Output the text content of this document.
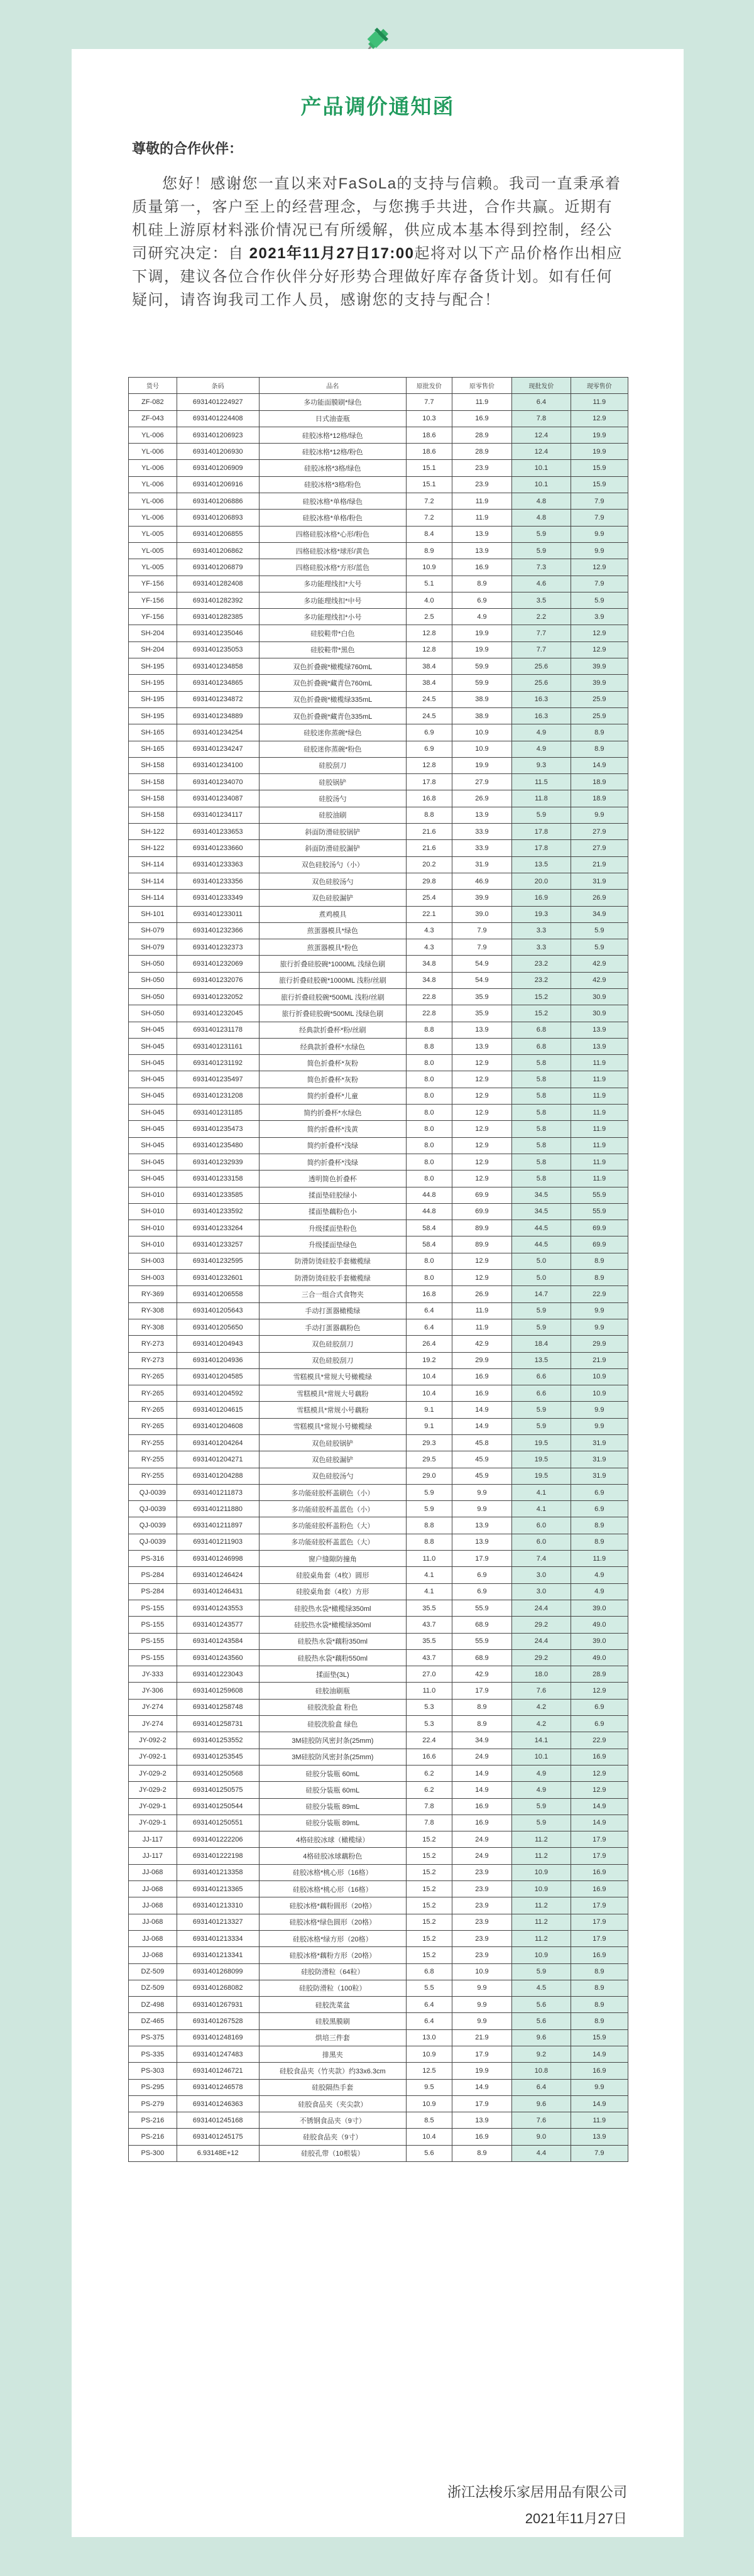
产品调价通知函
尊敬的合作伙伴：
您好！感谢您一直以来对FaSoLa的支持与信赖。我司一直秉承着质量第一，客户至上的经营理念，与您携手共进，合作共赢。近期有机硅上游原材料涨价情况已有所缓解，供应成本基本得到控制，经公司研究决定：自 2021年11月27日17:00起将对以下产品价格作出相应下调，建议各位合作伙伴分好形势合理做好库存备货计划。如有任何疑问，请咨询我司工作人员，感谢您的支持与配合！
货号	条码	品名	原批发价	原零售价	现批发价	现零售价
ZF-082	6931401224927	多功能面膜刷*绿色	7.7	11.9	6.4	11.9
ZF-043	6931401224408	日式油壶瓶	10.3	16.9	7.8	12.9
YL-006	6931401206923	硅胶冰格*12格/绿色	18.6	28.9	12.4	19.9
YL-006	6931401206930	硅胶冰格*12格/粉色	18.6	28.9	12.4	19.9
YL-006	6931401206909	硅胶冰格*3格/绿色	15.1	23.9	10.1	15.9
YL-006	6931401206916	硅胶冰格*3格/粉色	15.1	23.9	10.1	15.9
YL-006	6931401206886	硅胶冰格*单格/绿色	7.2	11.9	4.8	7.9
YL-006	6931401206893	硅胶冰格*单格/粉色	7.2	11.9	4.8	7.9
YL-005	6931401206855	四格硅胶冰格*心形/粉色	8.4	13.9	5.9	9.9
YL-005	6931401206862	四格硅胶冰格*球形/黄色	8.9	13.9	5.9	9.9
YL-005	6931401206879	四格硅胶冰格*方形/蓝色	10.9	16.9	7.3	12.9
YF-156	6931401282408	多功能理线扣*大号	5.1	8.9	4.6	7.9
YF-156	6931401282392	多功能理线扣*中号	4.0	6.9	3.5	5.9
YF-156	6931401282385	多功能理线扣*小号	2.5	4.9	2.2	3.9
SH-204	6931401235046	硅胶鞋带*白色	12.8	19.9	7.7	12.9
SH-204	6931401235053	硅胶鞋带*黑色	12.8	19.9	7.7	12.9
SH-195	6931401234858	双色折叠碗*橄榄绿760mL	38.4	59.9	25.6	39.9
SH-195	6931401234865	双色折叠碗*藏青色760mL	38.4	59.9	25.6	39.9
SH-195	6931401234872	双色折叠碗*橄榄绿335mL	24.5	38.9	16.3	25.9
SH-195	6931401234889	双色折叠碗*藏青色335mL	24.5	38.9	16.3	25.9
SH-165	6931401234254	硅胶迷你蒸碗*绿色	6.9	10.9	4.9	8.9
SH-165	6931401234247	硅胶迷你蒸碗*粉色	6.9	10.9	4.9	8.9
SH-158	6931401234100	硅胶刮刀	12.8	19.9	9.3	14.9
SH-158	6931401234070	硅胶锅铲	17.8	27.9	11.5	18.9
SH-158	6931401234087	硅胶汤勺	16.8	26.9	11.8	18.9
SH-158	6931401234117	硅胶油刷	8.8	13.9	5.9	9.9
SH-122	6931401233653	斜面防滑硅胶锅铲	21.6	33.9	17.8	27.9
SH-122	6931401233660	斜面防滑硅胶漏铲	21.6	33.9	17.8	27.9
SH-114	6931401233363	双色硅胶汤勺（小）	20.2	31.9	13.5	21.9
SH-114	6931401233356	双色硅胶汤勺	29.8	46.9	20.0	31.9
SH-114	6931401233349	双色硅胶漏铲	25.4	39.9	16.9	26.9
SH-101	6931401233011	煮鸡模具	22.1	39.0	19.3	34.9
SH-079	6931401232366	煎蛋器模具*绿色	4.3	7.9	3.3	5.9
SH-079	6931401232373	煎蛋器模具*粉色	4.3	7.9	3.3	5.9
SH-050	6931401232069	旅行折叠硅胶碗*1000ML 浅绿色刷	34.8	54.9	23.2	42.9
SH-050	6931401232076	旅行折叠硅胶碗*1000ML 浅粉/丝刷	34.8	54.9	23.2	42.9
SH-050	6931401232052	旅行折叠硅胶碗*500ML 浅粉/丝刷	22.8	35.9	15.2	30.9
SH-050	6931401232045	旅行折叠硅胶碗*500ML 浅绿色刷	22.8	35.9	15.2	30.9
SH-045	6931401231178	经典款折叠杯*粉/丝刷	8.8	13.9	6.8	13.9
SH-045	6931401231161	经典款折叠杯*水绿色	8.8	13.9	6.8	13.9
SH-045	6931401231192	简色折叠杯*灰粉	8.0	12.9	5.8	11.9
SH-045	6931401235497	简色折叠杯*灰粉	8.0	12.9	5.8	11.9
SH-045	6931401231208	简约折叠杯*儿童	8.0	12.9	5.8	11.9
SH-045	6931401231185	简约折叠杯*水绿色	8.0	12.9	5.8	11.9
SH-045	6931401235473	简约折叠杯*浅黄	8.0	12.9	5.8	11.9
SH-045	6931401235480	简约折叠杯*浅绿	8.0	12.9	5.8	11.9
SH-045	6931401232939	简约折叠杯*浅绿	8.0	12.9	5.8	11.9
SH-045	6931401233158	透明简色折叠杯	8.0	12.9	5.8	11.9
SH-010	6931401233585	揉面垫硅胶绿小	44.8	69.9	34.5	55.9
SH-010	6931401233592	揉面垫藕粉色小	44.8	69.9	34.5	55.9
SH-010	6931401233264	升级揉面垫粉色	58.4	89.9	44.5	69.9
SH-010	6931401233257	升级揉面垫绿色	58.4	89.9	44.5	69.9
SH-003	6931401232595	防滑防烫硅胶手套橄榄绿	8.0	12.9	5.0	8.9
SH-003	6931401232601	防滑防烫硅胶手套橄榄绿	8.0	12.9	5.0	8.9
RY-369	6931401206558	三合一组合式食物夹	16.8	26.9	14.7	22.9
RY-308	6931401205643	手动打蛋器橄榄绿	6.4	11.9	5.9	9.9
RY-308	6931401205650	手动打蛋器藕粉色	6.4	11.9	5.9	9.9
RY-273	6931401204943	双色硅胶刮刀	26.4	42.9	18.4	29.9
RY-273	6931401204936	双色硅胶刮刀	19.2	29.9	13.5	21.9
RY-265	6931401204585	雪糕模具*常规大号橄榄绿	10.4	16.9	6.6	10.9
RY-265	6931401204592	雪糕模具*常规大号藕粉	10.4	16.9	6.6	10.9
RY-265	6931401204615	雪糕模具*常规小号藕粉	9.1	14.9	5.9	9.9
RY-265	6931401204608	雪糕模具*常规小号橄榄绿	9.1	14.9	5.9	9.9
RY-255	6931401204264	双色硅胶锅铲	29.3	45.8	19.5	31.9
RY-255	6931401204271	双色硅胶漏铲	29.5	45.9	19.5	31.9
RY-255	6931401204288	双色硅胶汤勺	29.0	45.9	19.5	31.9
QJ-0039	6931401211873	多功能硅胶杯盖刷色（小）	5.9	9.9	4.1	6.9
QJ-0039	6931401211880	多功能硅胶杯盖蓝色（小）	5.9	9.9	4.1	6.9
QJ-0039	6931401211897	多功能硅胶杯盖粉色（大）	8.8	13.9	6.0	8.9
QJ-0039	6931401211903	多功能硅胶杯盖蓝色（大）	8.8	13.9	6.0	8.9
PS-316	6931401246998	窗户缝隙防撞角	11.0	17.9	7.4	11.9
PS-284	6931401246424	硅胶桌角套（4枚）圆形	4.1	6.9	3.0	4.9
PS-284	6931401246431	硅胶桌角套（4枚）方形	4.1	6.9	3.0	4.9
PS-155	6931401243553	硅胶热水袋*橄榄绿350ml	35.5	55.9	24.4	39.0
PS-155	6931401243577	硅胶热水袋*橄榄绿350ml	43.7	68.9	29.2	49.0
PS-155	6931401243584	硅胶热水袋*藕粉350ml	35.5	55.9	24.4	39.0
PS-155	6931401243560	硅胶热水袋*藕粉550ml	43.7	68.9	29.2	49.0
JY-333	6931401223043	揉面垫(3L)	27.0	42.9	18.0	28.9
JY-306	6931401259608	硅胶油刷瓶	11.0	17.9	7.6	12.9
JY-274	6931401258748	硅胶洗脸盒 粉色	5.3	8.9	4.2	6.9
JY-274	6931401258731	硅胶洗脸盒 绿色	5.3	8.9	4.2	6.9
JY-092-2	6931401253552	3M硅胶防风密封条(25mm)	22.4	34.9	14.1	22.9
JY-092-1	6931401253545	3M硅胶防风密封条(25mm)	16.6	24.9	10.1	16.9
JY-029-2	6931401250568	硅胶分装瓶 60mL	6.2	14.9	4.9	12.9
JY-029-2	6931401250575	硅胶分装瓶 60mL	6.2	14.9	4.9	12.9
JY-029-1	6931401250544	硅胶分装瓶 89mL	7.8	16.9	5.9	14.9
JY-029-1	6931401250551	硅胶分装瓶 89mL	7.8	16.9	5.9	14.9
JJ-117	6931401222206	4格硅胶冰球（橄榄绿）	15.2	24.9	11.2	17.9
JJ-117	6931401222198	4格硅胶冰球藕粉色	15.2	24.9	11.2	17.9
JJ-068	6931401213358	硅胶冰格*桃心形（16格）	15.2	23.9	10.9	16.9
JJ-068	6931401213365	硅胶冰格*桃心形（16格）	15.2	23.9	10.9	16.9
JJ-068	6931401213310	硅胶冰格*藕粉圆形（20格）	15.2	23.9	11.2	17.9
JJ-068	6931401213327	硅胶冰格*绿色圆形（20格）	15.2	23.9	11.2	17.9
JJ-068	6931401213334	硅胶冰格*绿方形（20格）	15.2	23.9	11.2	17.9
JJ-068	6931401213341	硅胶冰格*藕粉方形（20格）	15.2	23.9	10.9	16.9
DZ-509	6931401268099	硅胶防滑粒（64粒）	6.8	10.9	5.9	8.9
DZ-509	6931401268082	硅胶防滑粒（100粒）	5.5	9.9	4.5	8.9
DZ-498	6931401267931	硅胶洗菜盆	6.4	9.9	5.6	8.9
DZ-465	6931401267528	硅胶黑膜刷	6.4	9.9	5.6	8.9
PS-375	6931401248169	烘培三件套	13.0	21.9	9.6	15.9
PS-335	6931401247483	排黑夹	10.9	17.9	9.2	14.9
PS-303	6931401246721	硅胶食品夹（竹夹款）约33x6.3cm	12.5	19.9	10.8	16.9
PS-295	6931401246578	硅胶隔热手套	9.5	14.9	6.4	9.9
PS-279	6931401246363	硅胶食品夹（夹尖款）	10.9	17.9	9.6	14.9
PS-216	6931401245168	不锈钢食品夹（9寸）	8.5	13.9	7.6	11.9
PS-216	6931401245175	硅胶食品夹（9寸）	10.4	16.9	9.0	13.9
PS-300	6.93148E+12	硅胶孔带（10根装）	5.6	8.9	4.4	7.9
浙江法梭乐家居用品有限公司
2021年11月27日
